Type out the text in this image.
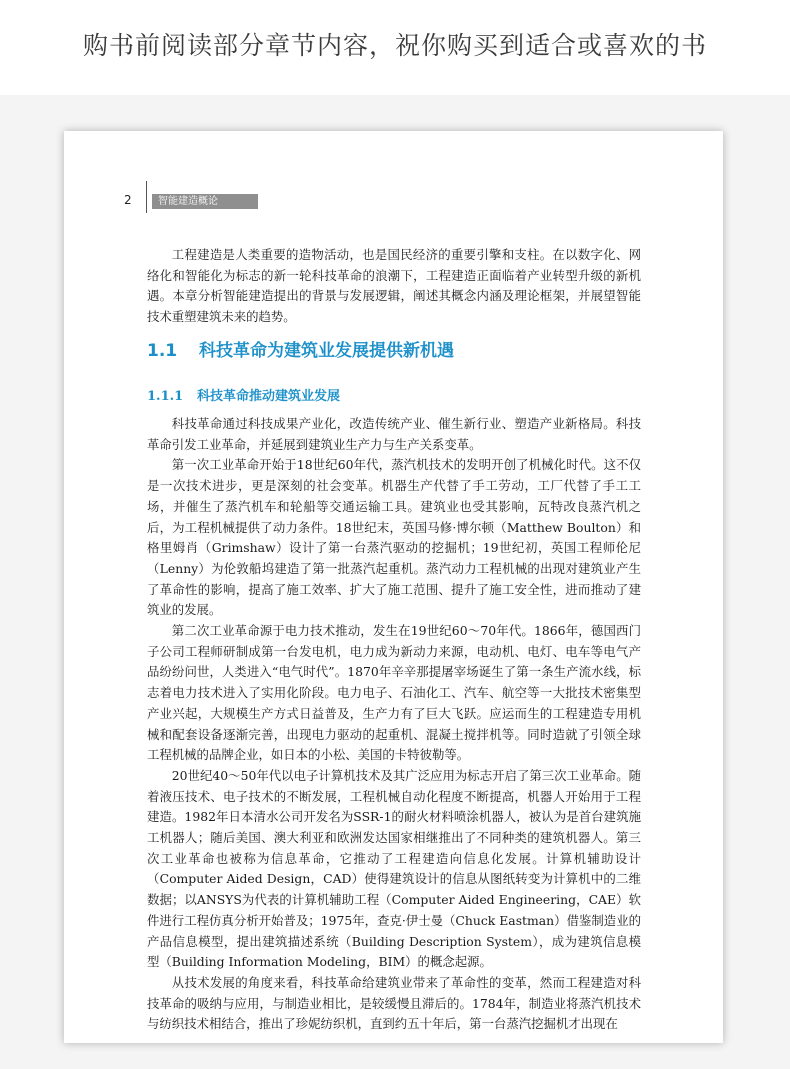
购书前阅读部分章节内容，祝你购买到适合或喜欢的书
2	智能建造概论

工程建造是人类重要的造物活动，也是国民经济的重要引擎和支柱。在以数字化、网络化和智能化为标志的新一轮科技革命的浪潮下，工程建造正面临着产业转型升级的新机遇。本章分析智能建造提出的背景与发展逻辑，阐述其概念内涵及理论框架，并展望智能技术重塑建筑未来的趋势。

1.1 科技革命为建筑业发展提供新机遇
1.1.1 科技革命推动建筑业发展

科技革命通过科技成果产业化，改造传统产业、催生新行业、塑造产业新格局。科技革命引发工业革命，并延展到建筑业生产力与生产关系变革。

第一次工业革命开始于18世纪60年代，蒸汽机技术的发明开创了机械化时代。这不仅是一次技术进步，更是深刻的社会变革。机器生产代替了手工劳动，工厂代替了手工工场，并催生了蒸汽机车和轮船等交通运输工具。建筑业也受其影响，瓦特改良蒸汽机之后，为工程机械提供了动力条件。18世纪末，英国马修·博尔顿（Matthew Boulton）和格里姆肖（Grimshaw）设计了第一台蒸汽驱动的挖掘机；19世纪初，英国工程师伦尼（Lenny）为伦敦船坞建造了第一批蒸汽起重机。蒸汽动力工程机械的出现对建筑业产生了革命性的影响，提高了施工效率、扩大了施工范围、提升了施工安全性，进而推动了建筑业的发展。

第二次工业革命源于电力技术推动，发生在19世纪60～70年代。1866年，德国西门子公司工程师研制成第一台发电机，电力成为新动力来源，电动机、电灯、电车等电气产品纷纷问世，人类进入“电气时代”。1870年辛辛那提屠宰场诞生了第一条生产流水线，标志着电力技术进入了实用化阶段。电力电子、石油化工、汽车、航空等一大批技术密集型产业兴起，大规模生产方式日益普及，生产力有了巨大飞跃。应运而生的工程建造专用机械和配套设备逐渐完善，出现电力驱动的起重机、混凝土搅拌机等。同时造就了引领全球工程机械的品牌企业，如日本的小松、美国的卡特彼勒等。

20世纪40～50年代以电子计算机技术及其广泛应用为标志开启了第三次工业革命。随着液压技术、电子技术的不断发展，工程机械自动化程度不断提高，机器人开始用于工程建造。1982年日本清水公司开发名为SSR-1的耐火材料喷涂机器人，被认为是首台建筑施工机器人；随后美国、澳大利亚和欧洲发达国家相继推出了不同种类的建筑机器人。第三次工业革命也被称为信息革命，它推动了工程建造向信息化发展。计算机辅助设计（Computer Aided Design，CAD）使得建筑设计的信息从图纸转变为计算机中的二维数据；以ANSYS为代表的计算机辅助工程（Computer Aided Engineering，CAE）软件进行工程仿真分析开始普及；1975年，查克·伊士曼（Chuck Eastman）借鉴制造业的产品信息模型，提出建筑描述系统（Building Description System），成为建筑信息模型（Building Information Modeling，BIM）的概念起源。

从技术发展的角度来看，科技革命给建筑业带来了革命性的变革，然而工程建造对科技革命的吸纳与应用，与制造业相比，是较缓慢且滞后的。1784年，制造业将蒸汽机技术与纺织技术相结合，推出了珍妮纺织机，直到约五十年后，第一台蒸汽挖掘机才出现在
